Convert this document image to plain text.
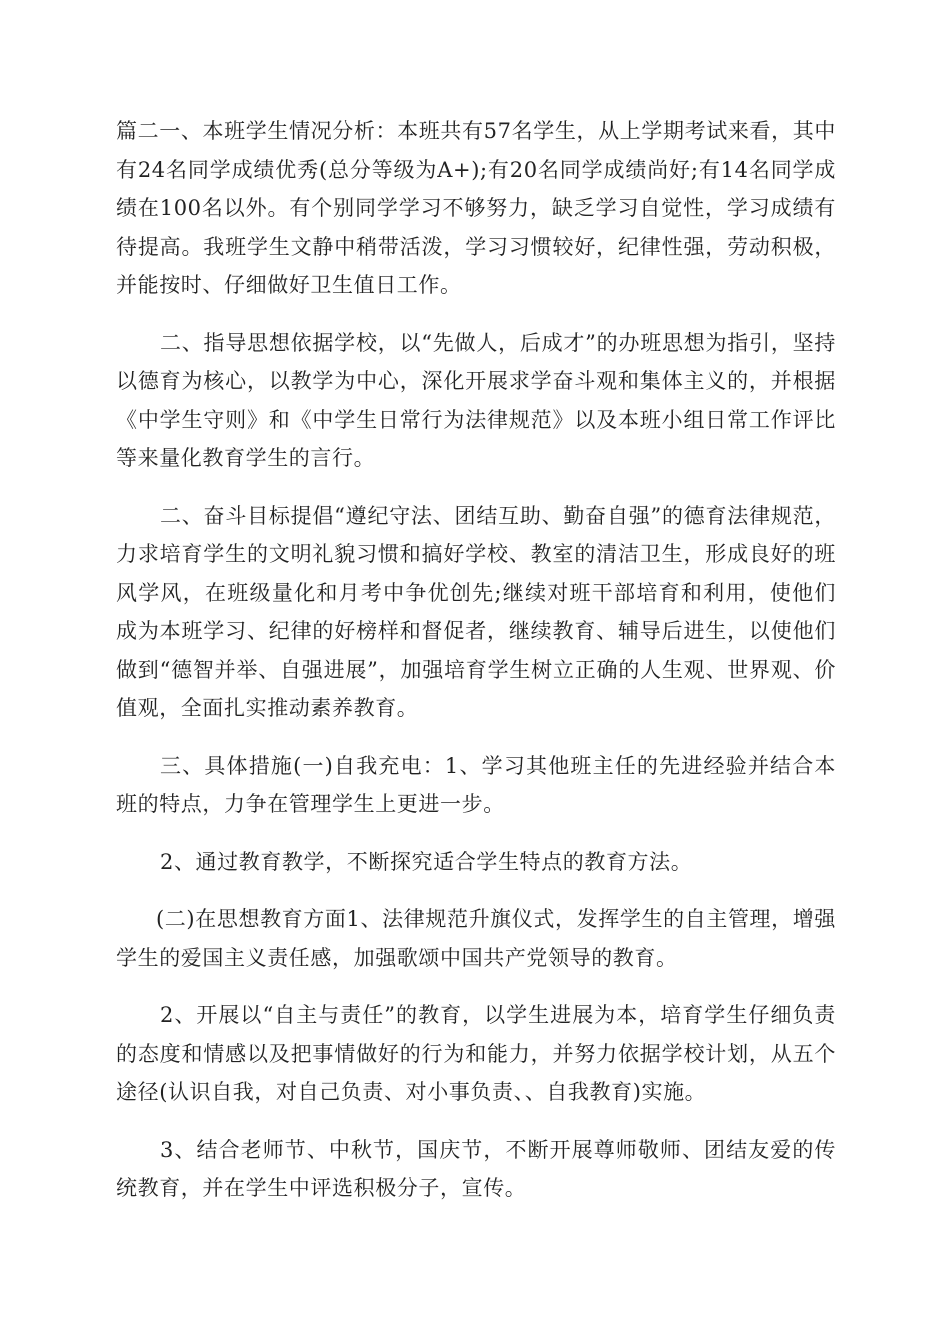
篇二一、本班学生情况分析：本班共有57名学生，从上学期考试来看，其中有24名同学成绩优秀(总分等级为A+);有20名同学成绩尚好;有14名同学成绩在100名以外。有个别同学学习不够努力，缺乏学习自觉性，学习成绩有待提高。我班学生文静中稍带活泼，学习习惯较好，纪律性强，劳动积极，并能按时、仔细做好卫生值日工作。

二、指导思想依据学校，以“先做人，后成才”的办班思想为指引，坚持以德育为核心，以教学为中心，深化开展求学奋斗观和集体主义的，并根据《中学生守则》和《中学生日常行为法律规范》以及本班小组日常工作评比等来量化教育学生的言行。

二、奋斗目标提倡“遵纪守法、团结互助、勤奋自强”的德育法律规范，力求培育学生的文明礼貌习惯和搞好学校、教室的清洁卫生，形成良好的班风学风，在班级量化和月考中争优创先;继续对班干部培育和利用，使他们成为本班学习、纪律的好榜样和督促者，继续教育、辅导后进生，以使他们做到“德智并举、自强进展”，加强培育学生树立正确的人生观、世界观、价值观，全面扎实推动素养教育。

三、具体措施(一)自我充电：1、学习其他班主任的先进经验并结合本班的特点，力争在管理学生上更进一步。

2、通过教育教学，不断探究适合学生特点的教育方法。

(二)在思想教育方面1、法律规范升旗仪式，发挥学生的自主管理，增强学生的爱国主义责任感，加强歌颂中国共产党领导的教育。

2、开展以“自主与责任”的教育，以学生进展为本，培育学生仔细负责的态度和情感以及把事情做好的行为和能力，并努力依据学校计划，从五个途径(认识自我，对自己负责、对小事负责、、自我教育)实施。

3、结合老师节、中秋节，国庆节，不断开展尊师敬师、团结友爱的传统教育，并在学生中评选积极分子，宣传。
